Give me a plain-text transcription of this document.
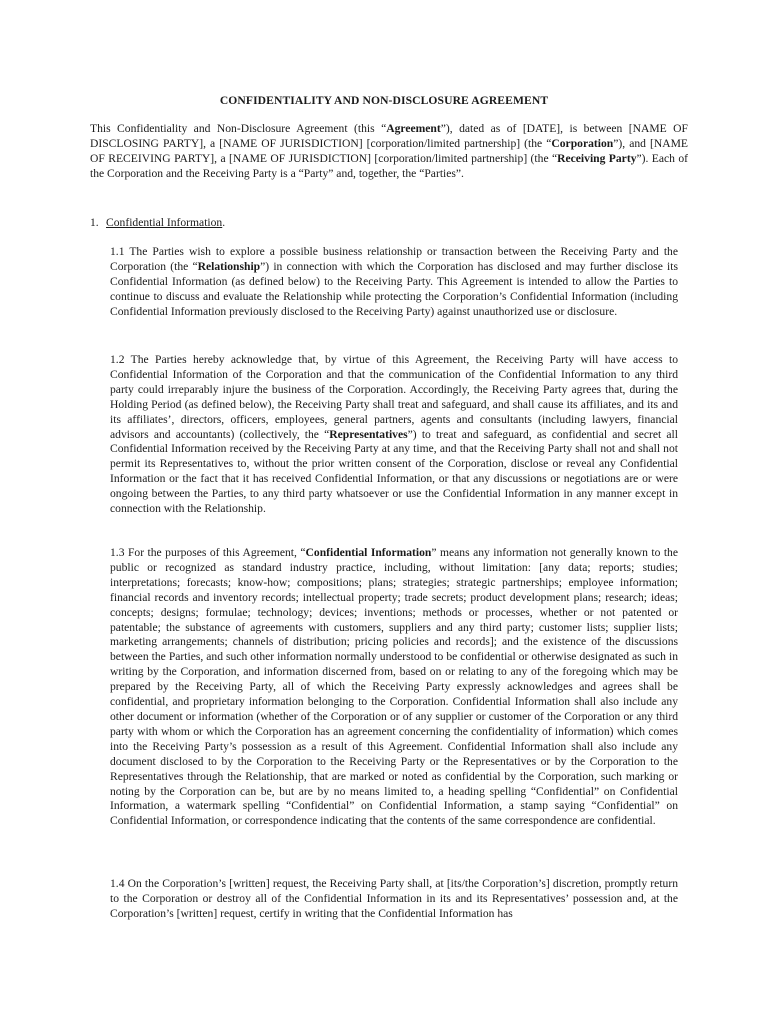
CONFIDENTIALITY AND NON-DISCLOSURE AGREEMENT
This Confidentiality and Non-Disclosure Agreement (this “Agreement”), dated as of [DATE], is between [NAME OF DISCLOSING PARTY], a [NAME OF JURISDICTION] [corporation/limited partnership] (the “Corporation”), and [NAME OF RECEIVING PARTY], a [NAME OF JURISDICTION] [corporation/limited partnership] (the “Receiving Party”). Each of the Corporation and the Receiving Party is a “Party” and, together, the “Parties”.
1. Confidential Information.
1.1 The Parties wish to explore a possible business relationship or transaction between the Receiving Party and the Corporation (the “Relationship”) in connection with which the Corporation has disclosed and may further disclose its Confidential Information (as defined below) to the Receiving Party. This Agreement is intended to allow the Parties to continue to discuss and evaluate the Relationship while protecting the Corporation’s Confidential Information (including Confidential Information previously disclosed to the Receiving Party) against unauthorized use or disclosure.
1.2 The Parties hereby acknowledge that, by virtue of this Agreement, the Receiving Party will have access to Confidential Information of the Corporation and that the communication of the Confidential Information to any third party could irreparably injure the business of the Corporation. Accordingly, the Receiving Party agrees that, during the Holding Period (as defined below), the Receiving Party shall treat and safeguard, and shall cause its affiliates, and its and its affiliates’, directors, officers, employees, general partners, agents and consultants (including lawyers, financial advisors and accountants) (collectively, the “Representatives”) to treat and safeguard, as confidential and secret all Confidential Information received by the Receiving Party at any time, and that the Receiving Party shall not and shall not permit its Representatives to, without the prior written consent of the Corporation, disclose or reveal any Confidential Information or the fact that it has received Confidential Information, or that any discussions or negotiations are or were ongoing between the Parties, to any third party whatsoever or use the Confidential Information in any manner except in connection with the Relationship.
1.3 For the purposes of this Agreement, “Confidential Information” means any information not generally known to the public or recognized as standard industry practice, including, without limitation: [any data; reports; studies; interpretations; forecasts; know-how; compositions; plans; strategies; strategic partnerships; employee information; financial records and inventory records; intellectual property; trade secrets; product development plans; research; ideas; concepts; designs; formulae; technology; devices; inventions; methods or processes, whether or not patented or patentable; the substance of agreements with customers, suppliers and any third party; customer lists; supplier lists; marketing arrangements; channels of distribution; pricing policies and records]; and the existence of the discussions between the Parties, and such other information normally understood to be confidential or otherwise designated as such in writing by the Corporation, and information discerned from, based on or relating to any of the foregoing which may be prepared by the Receiving Party, all of which the Receiving Party expressly acknowledges and agrees shall be confidential, and proprietary information belonging to the Corporation. Confidential Information shall also include any other document or information (whether of the Corporation or of any supplier or customer of the Corporation or any third party with whom or which the Corporation has an agreement concerning the confidentiality of information) which comes into the Receiving Party’s possession as a result of this Agreement. Confidential Information shall also include any document disclosed to by the Corporation to the Receiving Party or the Representatives or by the Corporation to the Representatives through the Relationship, that are marked or noted as confidential by the Corporation, such marking or noting by the Corporation can be, but are by no means limited to, a heading spelling “Confidential” on Confidential Information, a watermark spelling “Confidential” on Confidential Information, a stamp saying “Confidential” on Confidential Information, or correspondence indicating that the contents of the same correspondence are confidential.
1.4 On the Corporation’s [written] request, the Receiving Party shall, at [its/the Corporation’s] discretion, promptly return to the Corporation or destroy all of the Confidential Information in its and its Representatives’ possession and, at the Corporation’s [written] request, certify in writing that the Confidential Information has
